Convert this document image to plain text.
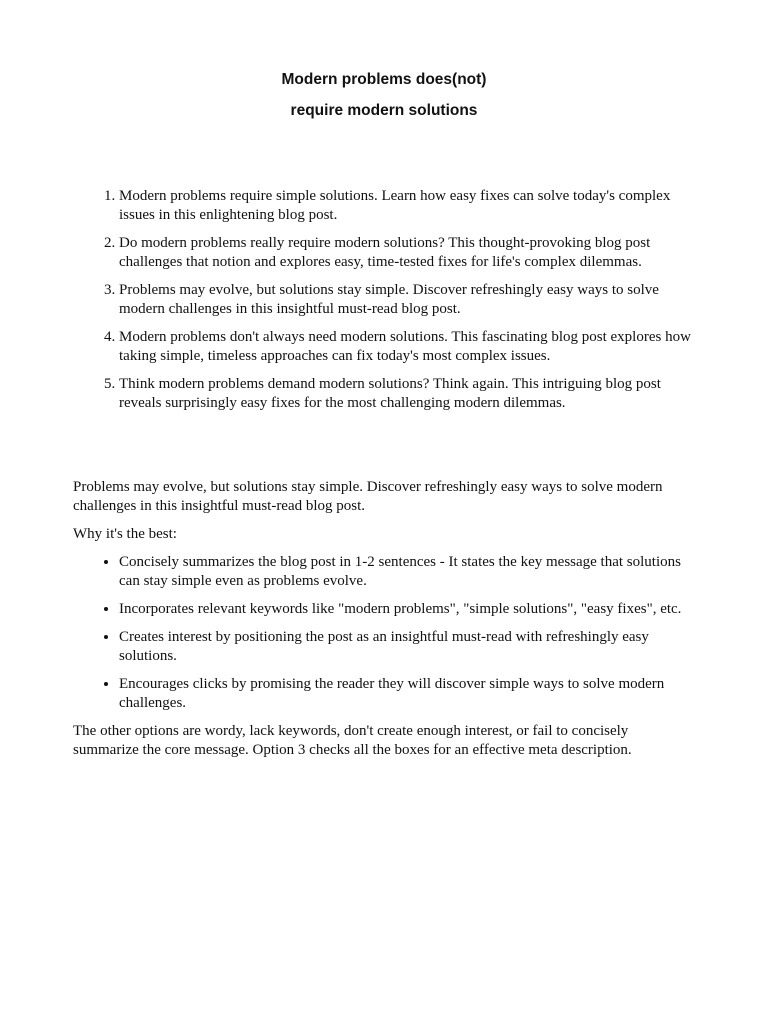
Modern problems does(not)
require modern solutions
1. Modern problems require simple solutions. Learn how easy fixes can solve today's complex issues in this enlightening blog post.
2. Do modern problems really require modern solutions? This thought-provoking blog post challenges that notion and explores easy, time-tested fixes for life's complex dilemmas.
3. Problems may evolve, but solutions stay simple. Discover refreshingly easy ways to solve modern challenges in this insightful must-read blog post.
4. Modern problems don't always need modern solutions. This fascinating blog post explores how taking simple, timeless approaches can fix today's most complex issues.
5. Think modern problems demand modern solutions? Think again. This intriguing blog post reveals surprisingly easy fixes for the most challenging modern dilemmas.

Problems may evolve, but solutions stay simple. Discover refreshingly easy ways to solve modern challenges in this insightful must-read blog post.

Why it's the best:

• Concisely summarizes the blog post in 1-2 sentences - It states the key message that solutions can stay simple even as problems evolve.
• Incorporates relevant keywords like "modern problems", "simple solutions", "easy fixes", etc.
• Creates interest by positioning the post as an insightful must-read with refreshingly easy solutions.
• Encourages clicks by promising the reader they will discover simple ways to solve modern challenges.

The other options are wordy, lack keywords, don't create enough interest, or fail to concisely summarize the core message. Option 3 checks all the boxes for an effective meta description.
